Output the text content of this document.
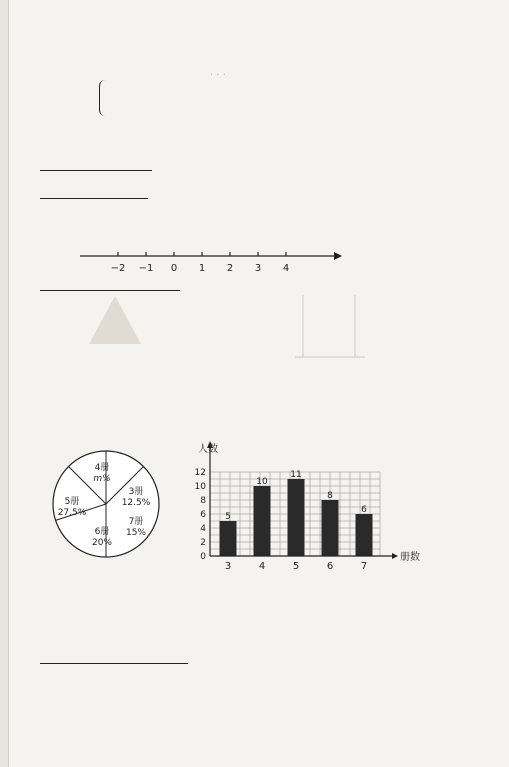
· · ·
−2 −1 0 1 2 3 4
4册
m%
3册
12.5%
7册
15%
6册
20%
5册
27.5%	5
10
11
8
6
人数
册数
0
2
4
6
8
10
12
3	4	5	6	7
